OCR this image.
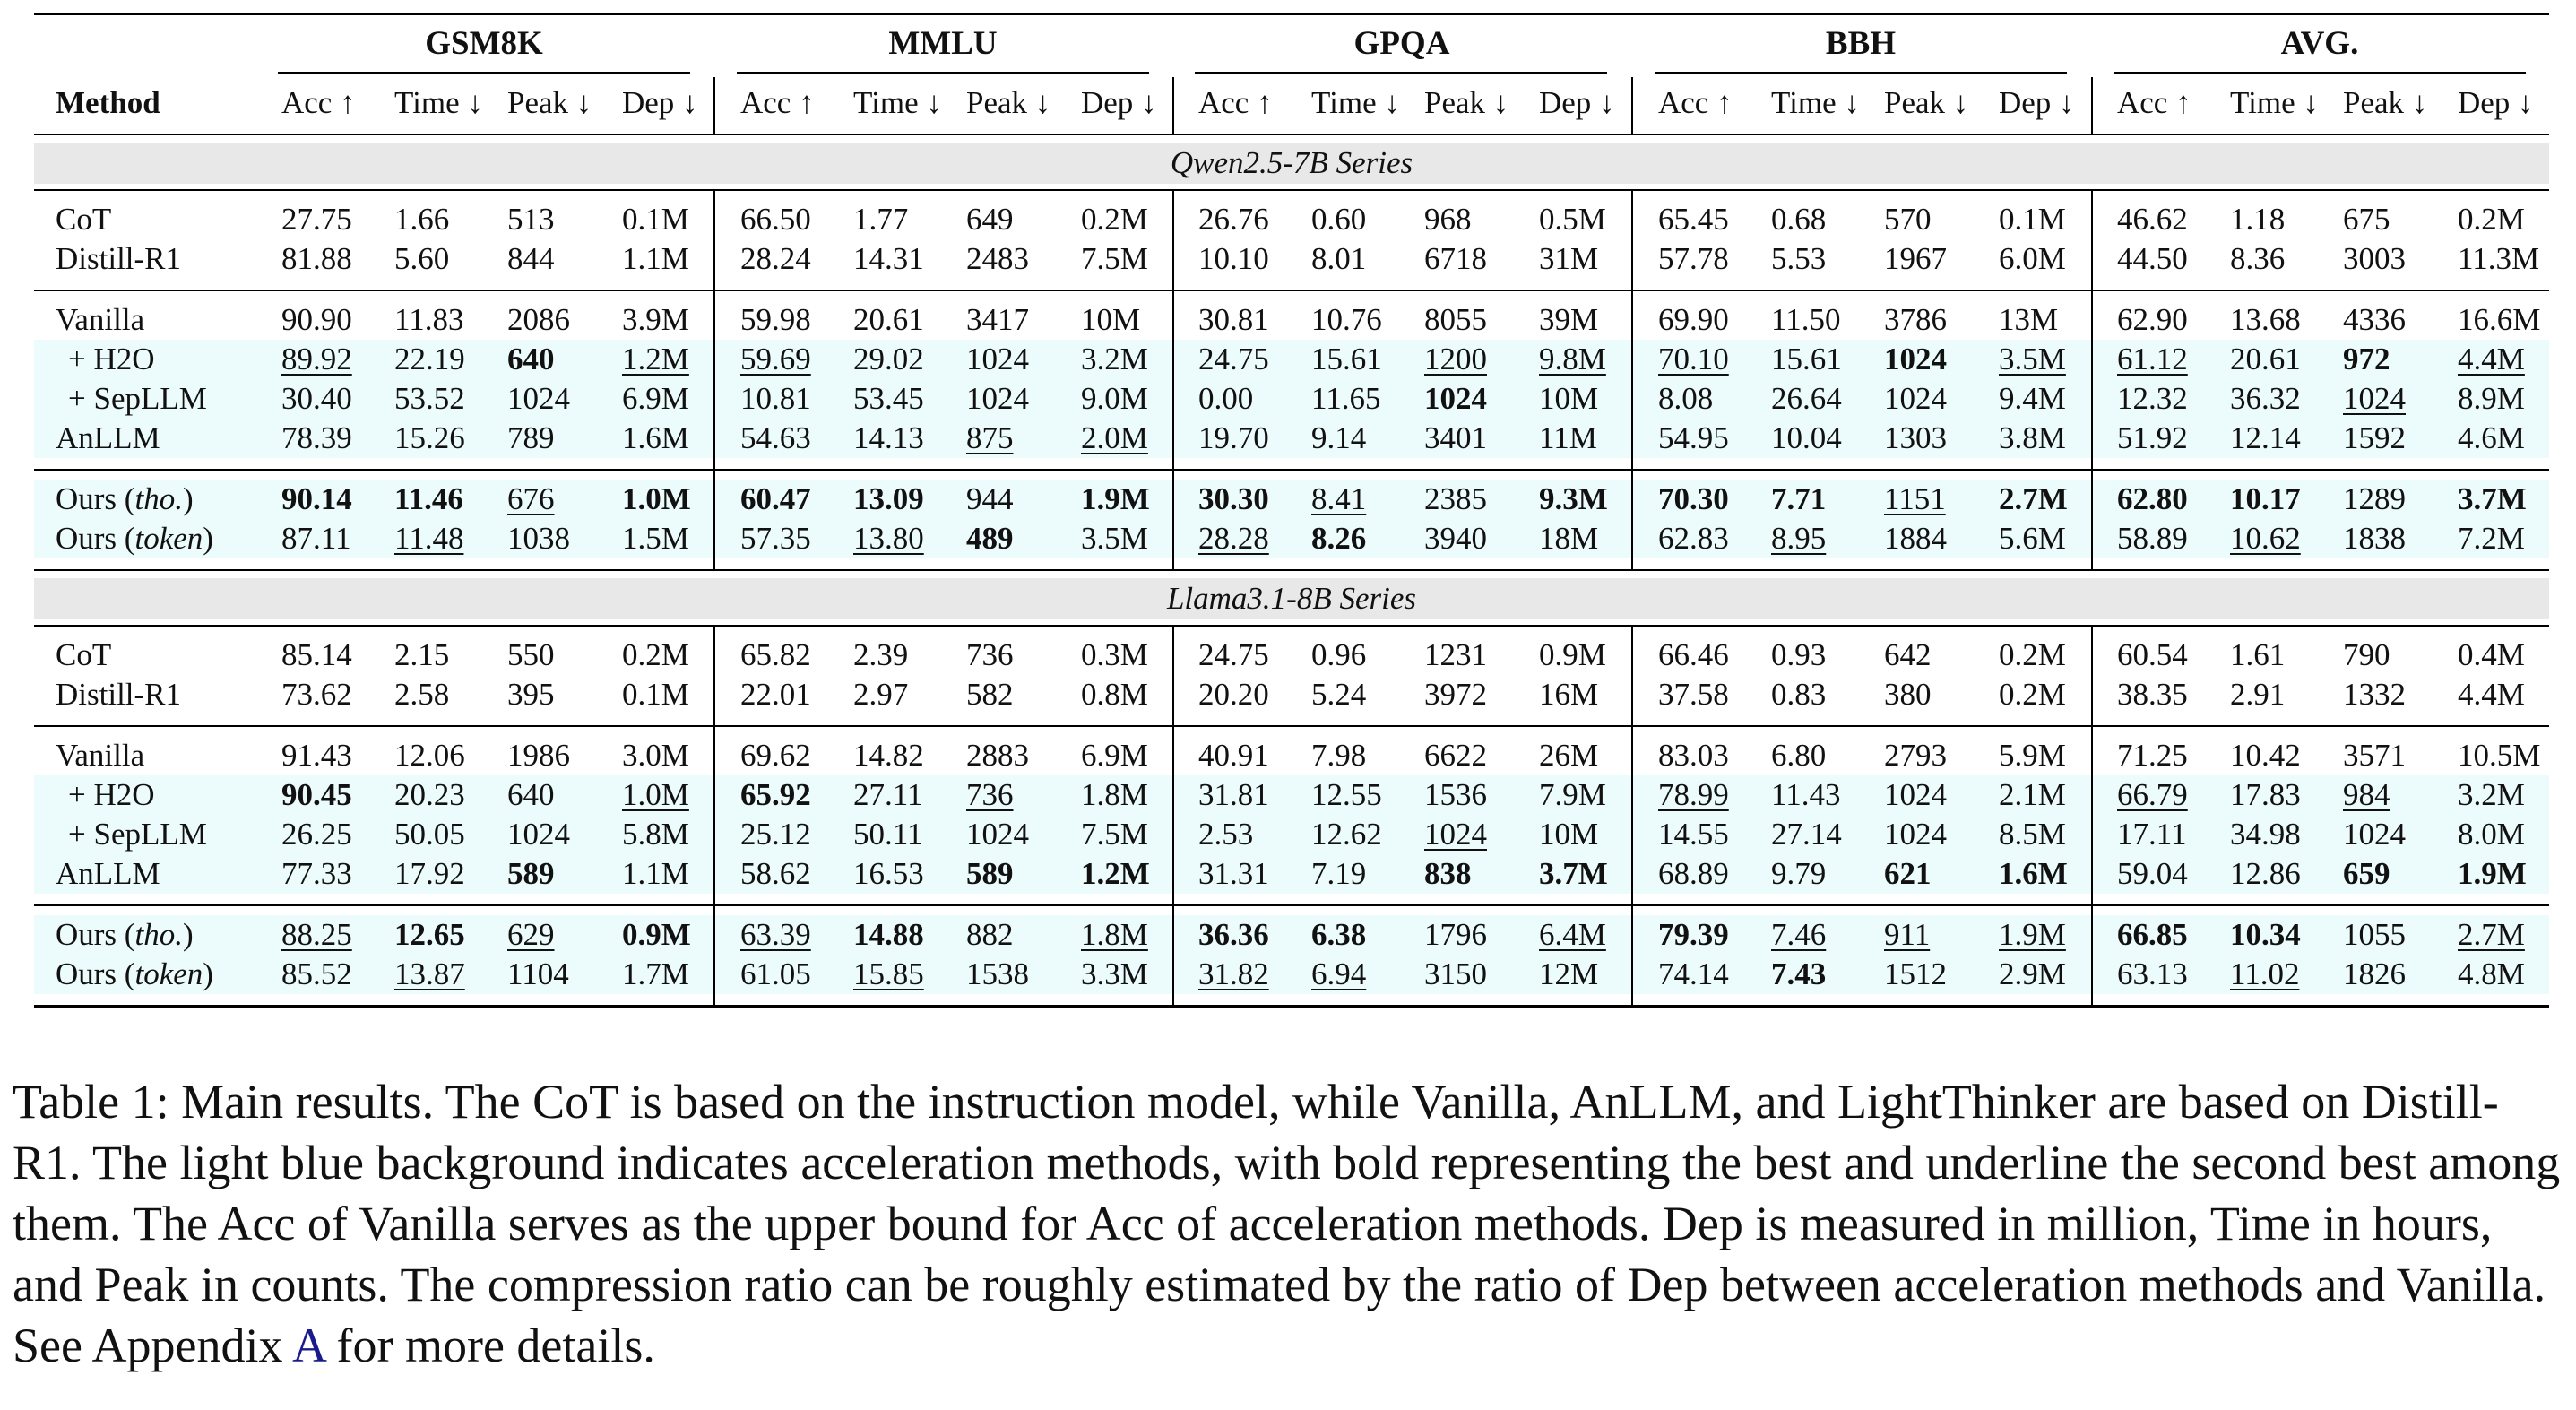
GSM8K	MMLU	GPQA	BBH	AVG.
Method	Acc ↑ Time ↓ Peak ↓ Dep ↓ Acc ↑ Time ↓ Peak ↓ Dep ↓ Acc ↑ Time ↓ Peak ↓ Dep ↓ Acc ↑ Time ↓ Peak ↓ Dep ↓ Acc ↑ Time ↓ Peak ↓ Dep ↓
Qwen2.5-7B Series
CoT	27.75 1.66 513 0.1M 66.50 1.77 649 0.2M 26.76 0.60 968 0.5M 65.45 0.68 570 0.1M 46.62 1.18 675 0.2M
Distill-R1	81.88 5.60 844 1.1M 28.24 14.31 2483 7.5M 10.10 8.01 6718 31M 57.78 5.53 1967 6.0M 44.50 8.36 3003 11.3M
Vanilla	90.90 11.83 2086 3.9M 59.98 20.61 3417 10M 30.81 10.76 8055 39M 69.90 11.50 3786 13M 62.90 13.68 4336 16.6M
+ H2O	89.92 22.19 640 1.2M 59.69 29.02 1024 3.2M 24.75 15.61 1200 9.8M 70.10 15.61 1024 3.5M 61.12 20.61 972 4.4M
+ SepLLM 30.40 53.52 1024 6.9M 10.81 53.45 1024 9.0M 0.00 11.65 1024 10M 8.08 26.64 1024 9.4M 12.32 36.32 1024 8.9M
AnLLM	78.39 15.26 789 1.6M 54.63 14.13 875 2.0M 19.70 9.14 3401 11M 54.95 10.04 1303 3.8M 51.92 12.14 1592 4.6M
Ours (tho.)	90.14 11.46 676 1.0M 60.47 13.09 944 1.9M 30.30 8.41 2385 9.3M 70.30 7.71 1151 2.7M 62.80 10.17 1289 3.7M
Ours (token) 87.11 11.48 1038 1.5M 57.35 13.80 489 3.5M 28.28 8.26 3940 18M 62.83 8.95 1884 5.6M 58.89 10.62 1838 7.2M
Llama3.1-8B Series
CoT	85.14 2.15 550 0.2M 65.82 2.39 736 0.3M 24.75 0.96 1231 0.9M 66.46 0.93 642 0.2M 60.54 1.61 790 0.4M
Distill-R1	73.62 2.58 395 0.1M 22.01 2.97 582 0.8M 20.20 5.24 3972 16M 37.58 0.83 380 0.2M 38.35 2.91 1332 4.4M
Vanilla	91.43 12.06 1986 3.0M 69.62 14.82 2883 6.9M 40.91 7.98 6622 26M 83.03 6.80 2793 5.9M 71.25 10.42 3571 10.5M
+ H2O	90.45 20.23 640 1.0M 65.92 27.11 736 1.8M 31.81 12.55 1536 7.9M 78.99 11.43 1024 2.1M 66.79 17.83 984 3.2M
+ SepLLM 26.25 50.05 1024 5.8M 25.12 50.11 1024 7.5M 2.53 12.62 1024 10M 14.55 27.14 1024 8.5M 17.11 34.98 1024 8.0M
AnLLM	77.33 17.92 589 1.1M 58.62 16.53 589 1.2M 31.31 7.19 838 3.7M 68.89 9.79 621 1.6M 59.04 12.86 659 1.9M
Ours (tho.)	88.25 12.65 629 0.9M 63.39 14.88 882 1.8M 36.36 6.38 1796 6.4M 79.39 7.46 911 1.9M 66.85 10.34 1055 2.7M
Ours (token) 85.52 13.87 1104 1.7M 61.05 15.85 1538 3.3M 31.82 6.94 3150 12M 74.14 7.43 1512 2.9M 63.13 11.02 1826 4.8M
Table 1: Main results. The CoT is based on the instruction model, while Vanilla, AnLLM, and LightThinker are based on Distill-R1. The light blue background indicates acceleration methods, with bold representing the best and underline the second best among them. The Acc of Vanilla serves as the upper bound for Acc of acceleration methods. Dep is measured in million, Time in hours, and Peak in counts. The compression ratio can be roughly estimated by the ratio of Dep between acceleration methods and Vanilla. See Appendix A for more details.
